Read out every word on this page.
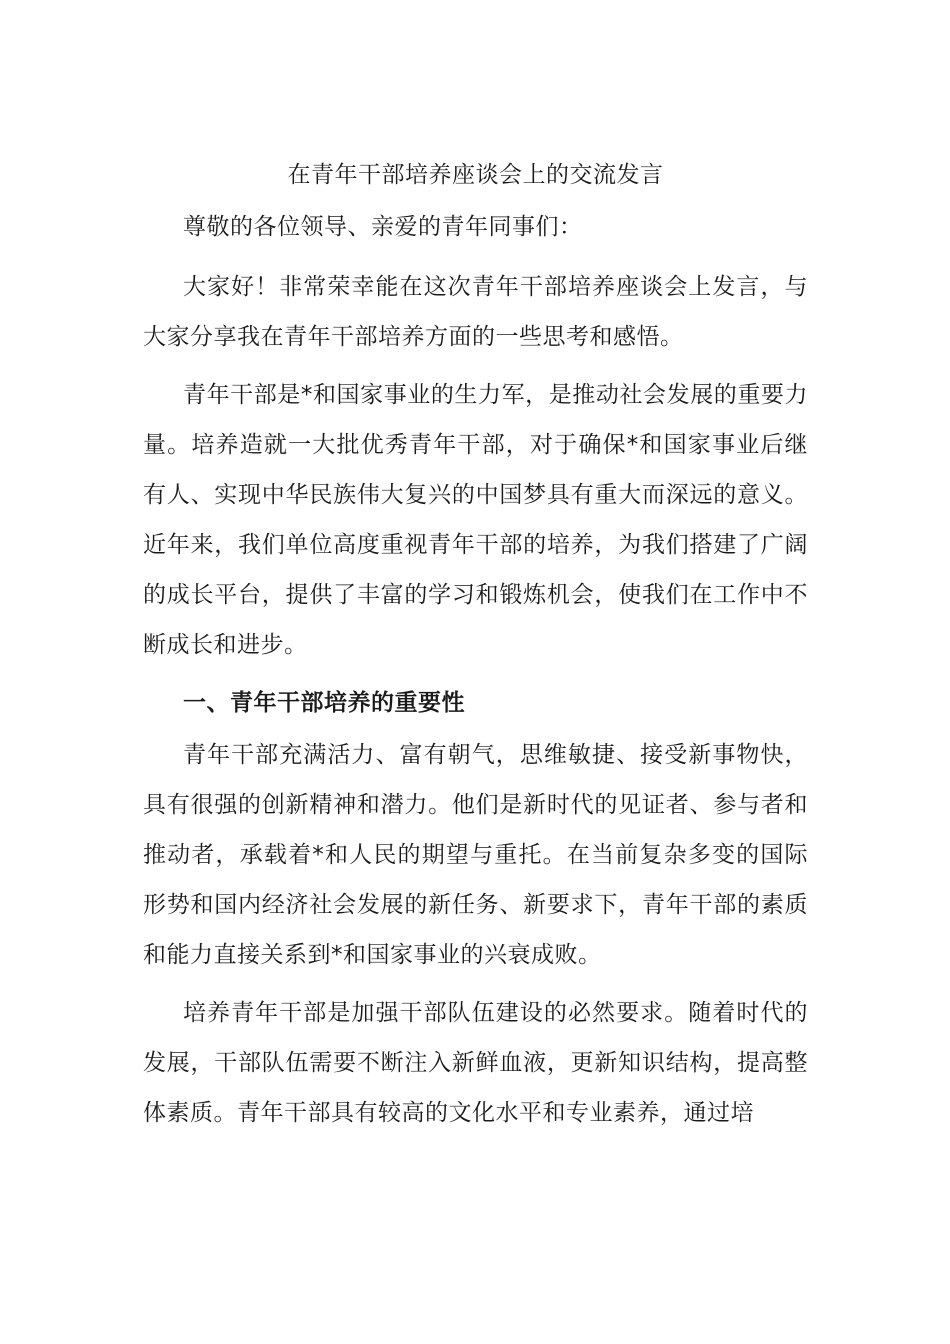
在青年干部培养座谈会上的交流发言

尊敬的各位领导、亲爱的青年同事们：

大家好！非常荣幸能在这次青年干部培养座谈会上发言，与大家分享我在青年干部培养方面的一些思考和感悟。

青年干部是*和国家事业的生力军，是推动社会发展的重要力量。培养造就一大批优秀青年干部，对于确保*和国家事业后继有人、实现中华民族伟大复兴的中国梦具有重大而深远的意义。近年来，我们单位高度重视青年干部的培养，为我们搭建了广阔的成长平台，提供了丰富的学习和锻炼机会，使我们在工作中不断成长和进步。

一、青年干部培养的重要性

青年干部充满活力、富有朝气，思维敏捷、接受新事物快，具有很强的创新精神和潜力。他们是新时代的见证者、参与者和推动者，承载着*和人民的期望与重托。在当前复杂多变的国际形势和国内经济社会发展的新任务、新要求下，青年干部的素质和能力直接关系到*和国家事业的兴衰成败。

培养青年干部是加强干部队伍建设的必然要求。随着时代的发展，干部队伍需要不断注入新鲜血液，更新知识结构，提高整体素质。青年干部具有较高的文化水平和专业素养，通过培
